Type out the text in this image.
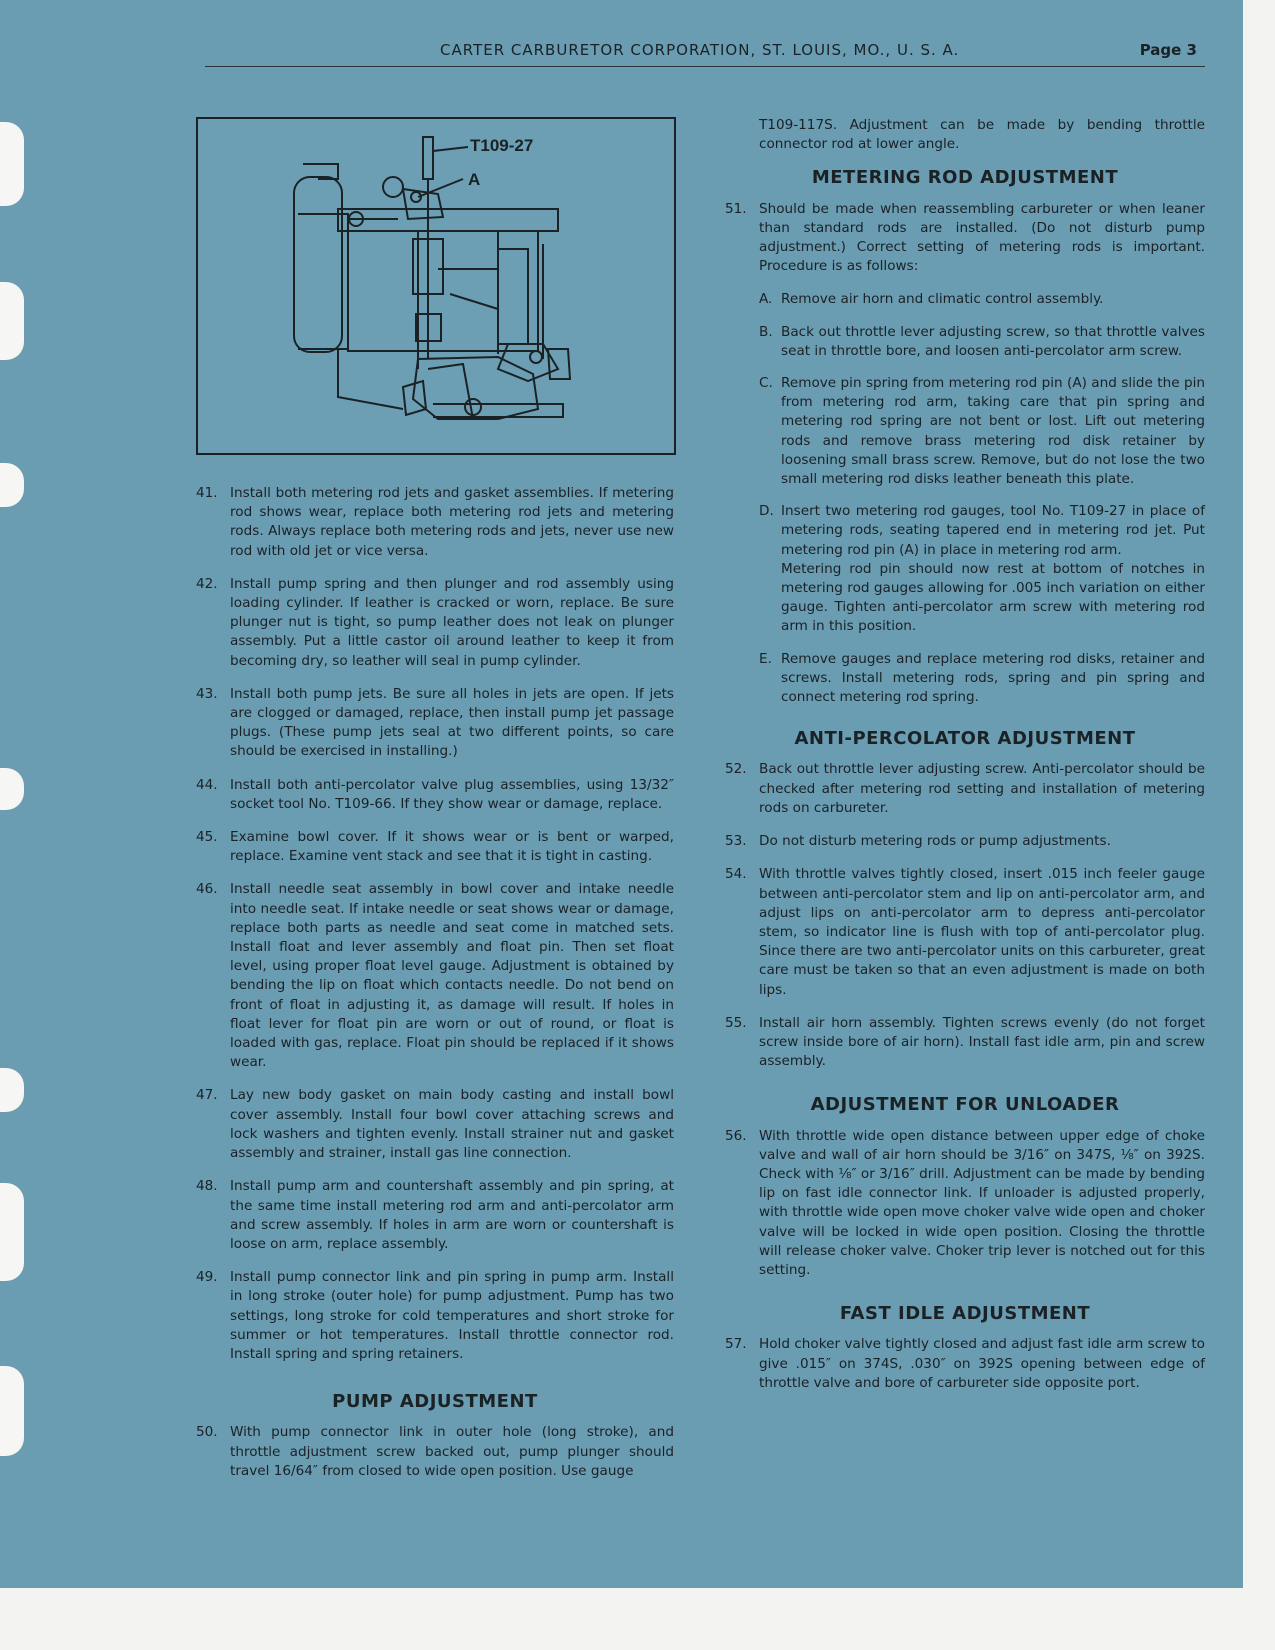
CARTER CARBURETOR CORPORATION, ST. LOUIS, MO., U. S. A.	Page 3
T109-27
A
41. Install both metering rod jets and gasket assemblies. If metering rod shows wear, replace both metering rod jets and metering rods. Always replace both metering rods and jets, never use new rod with old jet or vice versa.
42. Install pump spring and then plunger and rod assembly using loading cylinder. If leather is cracked or worn, replace. Be sure plunger nut is tight, so pump leather does not leak on plunger assembly. Put a little castor oil around leather to keep it from becoming dry, so leather will seal in pump cylinder.
43. Install both pump jets. Be sure all holes in jets are open. If jets are clogged or damaged, replace, then install pump jet passage plugs. (These pump jets seal at two different points, so care should be exercised in installing.)
44. Install both anti-percolator valve plug assemblies, using 13/32″ socket tool No. T109-66. If they show wear or damage, replace.
45. Examine bowl cover. If it shows wear or is bent or warped, replace. Examine vent stack and see that it is tight in casting.
46. Install needle seat assembly in bowl cover and intake needle into needle seat. If intake needle or seat shows wear or damage, replace both parts as needle and seat come in matched sets. Install float and lever assembly and float pin. Then set float level, using proper float level gauge. Adjustment is obtained by bending the lip on float which contacts needle. Do not bend on front of float in adjusting it, as damage will result. If holes in float lever for float pin are worn or out of round, or float is loaded with gas, replace. Float pin should be replaced if it shows wear.
47. Lay new body gasket on main body casting and install bowl cover assembly. Install four bowl cover attaching screws and lock washers and tighten evenly. Install strainer nut and gasket assembly and strainer, install gas line connection.
48. Install pump arm and countershaft assembly and pin spring, at the same time install metering rod arm and anti-percolator arm and screw assembly. If holes in arm are worn or countershaft is loose on arm, replace assembly.
49. Install pump connector link and pin spring in pump arm. Install in long stroke (outer hole) for pump adjustment. Pump has two settings, long stroke for cold temperatures and short stroke for summer or hot temperatures. Install throttle connector rod. Install spring and spring retainers.
PUMP ADJUSTMENT
50. With pump connector link in outer hole (long stroke), and throttle adjustment screw backed out, pump plunger should travel 16/64″ from closed to wide open position. Use gauge
T109-117S. Adjustment can be made by bending throttle connector rod at lower angle.
METERING ROD ADJUSTMENT
51. Should be made when reassembling carbureter or when leaner than standard rods are installed. (Do not disturb pump adjustment.) Correct setting of metering rods is important. Procedure is as follows:
A. Remove air horn and climatic control assembly.
B. Back out throttle lever adjusting screw, so that throttle valves seat in throttle bore, and loosen anti-percolator arm screw.
C. Remove pin spring from metering rod pin (A) and slide the pin from metering rod arm, taking care that pin spring and metering rod spring are not bent or lost. Lift out metering rods and remove brass metering rod disk retainer by loosening small brass screw. Remove, but do not lose the two small metering rod disks leather beneath this plate.
D. Insert two metering rod gauges, tool No. T109-27 in place of metering rods, seating tapered end in metering rod jet. Put metering rod pin (A) in place in metering rod arm.
Metering rod pin should now rest at bottom of notches in metering rod gauges allowing for .005 inch variation on either gauge. Tighten anti-percolator arm screw with metering rod arm in this position.
E. Remove gauges and replace metering rod disks, retainer and screws. Install metering rods, spring and pin spring and connect metering rod spring.
ANTI-PERCOLATOR ADJUSTMENT
52. Back out throttle lever adjusting screw. Anti-percolator should be checked after metering rod setting and installation of metering rods on carbureter.
53. Do not disturb metering rods or pump adjustments.
54. With throttle valves tightly closed, insert .015 inch feeler gauge between anti-percolator stem and lip on anti-percolator arm, and adjust lips on anti-percolator arm to depress anti-percolator stem, so indicator line is flush with top of anti-percolator plug. Since there are two anti-percolator units on this carbureter, great care must be taken so that an even adjustment is made on both lips.
55. Install air horn assembly. Tighten screws evenly (do not forget screw inside bore of air horn). Install fast idle arm, pin and screw assembly.
ADJUSTMENT FOR UNLOADER
56. With throttle wide open distance between upper edge of choke valve and wall of air horn should be 3/16″ on 347S, ⅛″ on 392S. Check with ⅛″ or 3/16″ drill. Adjustment can be made by bending lip on fast idle connector link. If unloader is adjusted properly, with throttle wide open move choker valve wide open and choker valve will be locked in wide open position. Closing the throttle will release choker valve. Choker trip lever is notched out for this setting.
FAST IDLE ADJUSTMENT
57. Hold choker valve tightly closed and adjust fast idle arm screw to give .015″ on 374S, .030″ on 392S opening between edge of throttle valve and bore of carbureter side opposite port.
